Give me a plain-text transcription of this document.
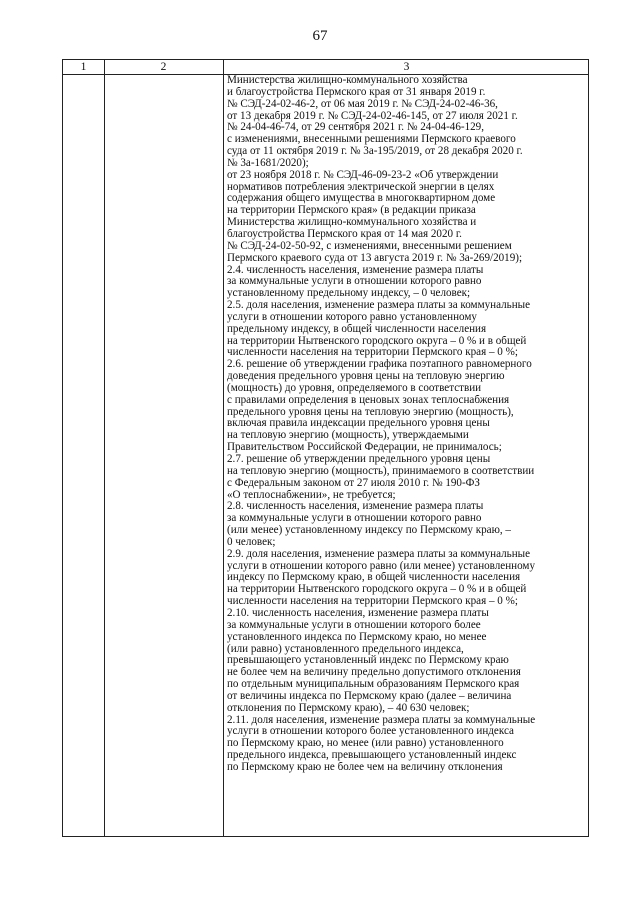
67
1	2	3
Министерства жилищно-коммунального хозяйства
и благоустройства Пермского края от 31 января 2019 г.
№ СЭД-24-02-46-2, от 06 мая 2019 г. № СЭД-24-02-46-36,
от 13 декабря 2019 г. № СЭД-24-02-46-145, от 27 июля 2021 г.
№ 24-04-46-74, от 29 сентября 2021 г. № 24-04-46-129,
с изменениями, внесенными решениями Пермского краевого
суда от 11 октября 2019 г. № 3а-195/2019, от 28 декабря 2020 г.
№ 3а-1681/2020);
от 23 ноября 2018 г. № СЭД-46-09-23-2 «Об утверждении
нормативов потребления электрической энергии в целях
содержания общего имущества в многоквартирном доме
на территории Пермского края» (в редакции приказа
Министерства жилищно-коммунального хозяйства и
благоустройства Пермского края от 14 мая 2020 г.
№ СЭД-24-02-50-92, с изменениями, внесенными решением
Пермского краевого суда от 13 августа 2019 г. № 3а-269/2019);
2.4. численность населения, изменение размера платы
за коммунальные услуги в отношении которого равно
установленному предельному индексу, – 0 человек;
2.5. доля населения, изменение размера платы за коммунальные
услуги в отношении которого равно установленному
предельному индексу, в общей численности населения
на территории Нытвенского городского округа – 0 % и в общей
численности населения на территории Пермского края – 0 %;
2.6. решение об утверждении графика поэтапного равномерного
доведения предельного уровня цены на тепловую энергию
(мощность) до уровня, определяемого в соответствии
с правилами определения в ценовых зонах теплоснабжения
предельного уровня цены на тепловую энергию (мощность),
включая правила индексации предельного уровня цены
на тепловую энергию (мощность), утверждаемыми
Правительством Российской Федерации, не принималось;
2.7. решение об утверждении предельного уровня цены
на тепловую энергию (мощность), принимаемого в соответствии
с Федеральным законом от 27 июля 2010 г. № 190-ФЗ
«О теплоснабжении», не требуется;
2.8. численность населения, изменение размера платы
за коммунальные услуги в отношении которого равно
(или менее) установленному индексу по Пермскому краю, –
0 человек;
2.9. доля населения, изменение размера платы за коммунальные
услуги в отношении которого равно (или менее) установленному
индексу по Пермскому краю, в общей численности населения
на территории Нытвенского городского округа – 0 % и в общей
численности населения на территории Пермского края – 0 %;
2.10. численность населения, изменение размера платы
за коммунальные услуги в отношении которого более
установленного индекса по Пермскому краю, но менее
(или равно) установленного предельного индекса,
превышающего установленный индекс по Пермскому краю
не более чем на величину предельно допустимого отклонения
по отдельным муниципальным образованиям Пермского края
от величины индекса по Пермскому краю (далее – величина
отклонения по Пермскому краю), – 40 630 человек;
2.11. доля населения, изменение размера платы за коммунальные
услуги в отношении которого более установленного индекса
по Пермскому краю, но менее (или равно) установленного
предельного индекса, превышающего установленный индекс
по Пермскому краю не более чем на величину отклонения
